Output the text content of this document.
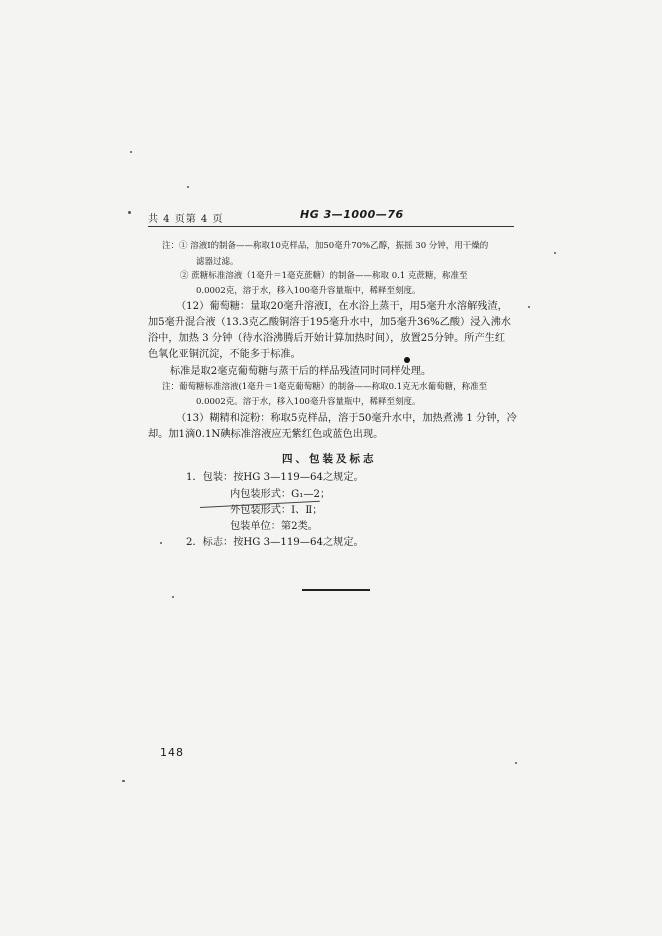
共 4 页第 4 页	HG 3—1000—76
注：① 溶液Ⅰ的制备——称取10克样品，加50毫升70%乙醇，振摇 30 分钟，用干燥的
滤器过滤。
② 蔗糖标准溶液（1毫升＝1毫克蔗糖）的制备——称取 0.1 克蔗糖，称准至
0.0002克，溶于水，移入100毫升容量瓶中，稀释至刻度。
（12）葡萄糖：量取20毫升溶液Ⅰ，在水浴上蒸干，用5毫升水溶解残渣，
加5毫升混合液（13.3克乙酸铜溶于195毫升水中，加5毫升36%乙酸）浸入沸水
浴中，加热 3 分钟（待水浴沸腾后开始计算加热时间），放置25分钟。所产生红
色氧化亚铜沉淀，不能多于标准。
标准是取2毫克葡萄糖与蒸干后的样品残渣同时同样处理。
注：葡萄糖标准溶液(1毫升＝1毫克葡萄糖）的制备——称取0.1克无水葡萄糖，称准至
0.0002克。溶于水，移入100毫升容量瓶中，稀释至刻度。
（13）糊精和淀粉：称取5克样品，溶于50毫升水中，加热煮沸 1 分钟，冷
却。加1滴0.1N碘标准溶液应无紫红色或蓝色出现。
四、包装及标志
1．包装：按HG 3—119—64之规定。
内包装形式：G₁—2；
外包装形式：Ⅰ、Ⅱ；
包装单位：第2类。
2．标志：按HG 3—119—64之规定。
148
